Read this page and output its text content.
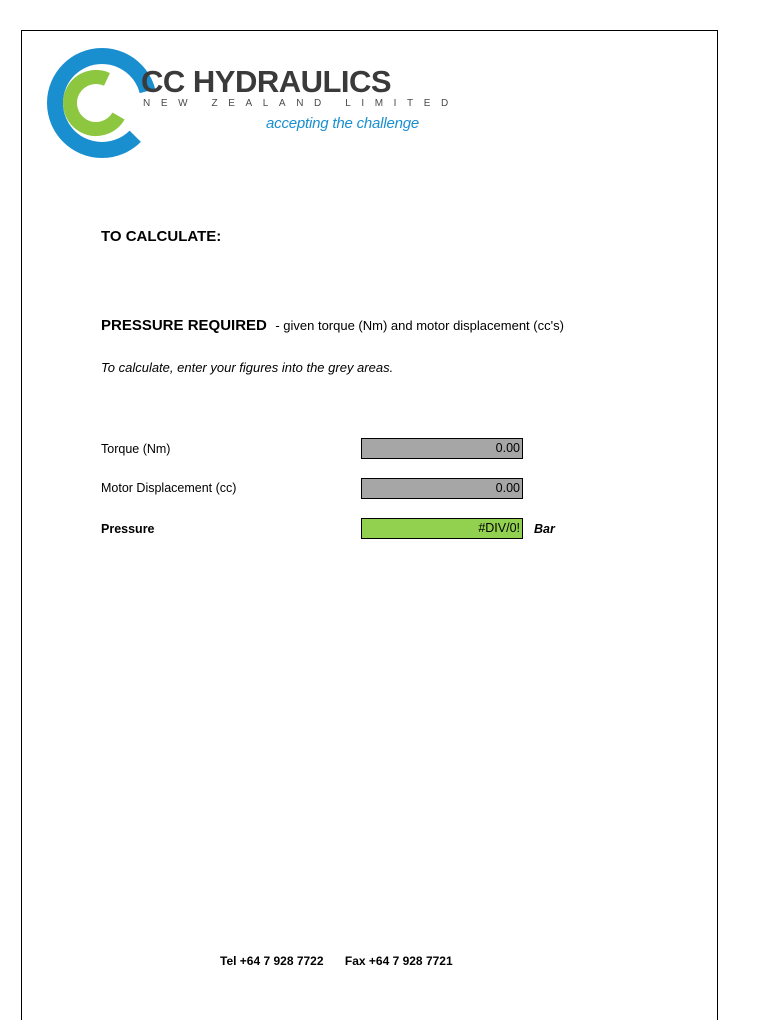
CC HYDRAULICS
NEW ZEALAND LIMITED
accepting the challenge
TO CALCULATE:
PRESSURE REQUIRED - given torque (Nm) and motor displacement (cc's)
To calculate, enter your figures into the grey areas.
Torque (Nm)	0.00
Motor Displacement (cc)	0.00
Pressure	#DIV/0! Bar
Tel +64 7 928 7722 Fax +64 7 928 7721
